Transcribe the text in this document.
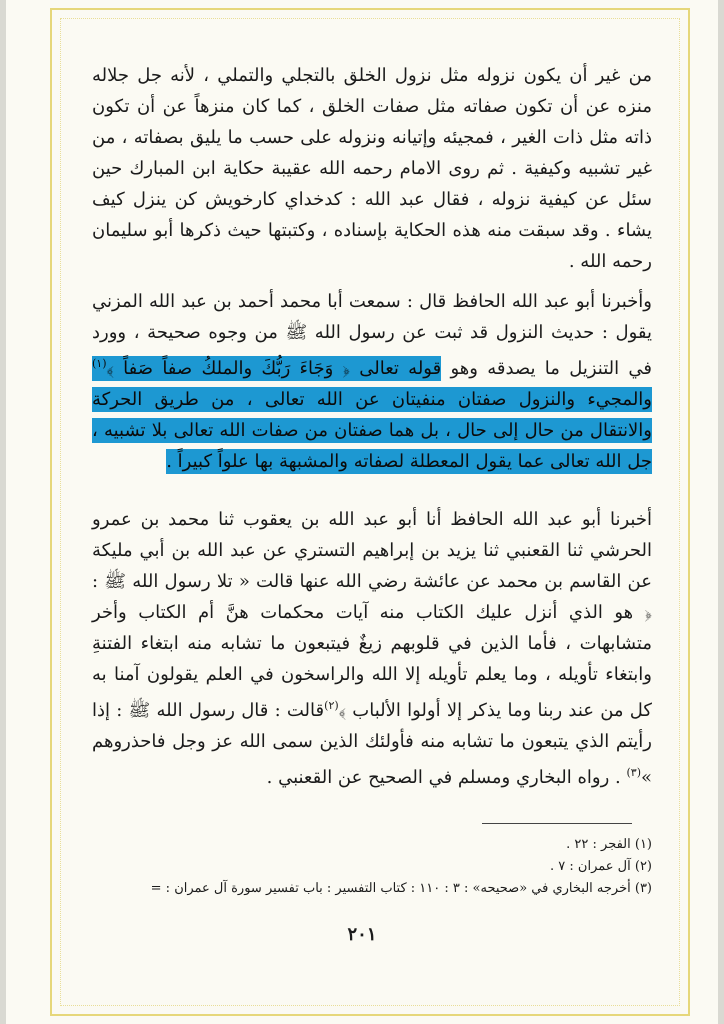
من غير أن يكون نزوله مثل نزول الخلق بالتجلي والتملي ، لأنه جل جلاله منزه عن أن تكون صفاته مثل صفات الخلق ، كما كان منزهاً عن أن تكون ذاته مثل ذات الغير ، فمجيئه وإتيانه ونزوله على حسب ما يليق بصفاته ، من غير تشبيه وكيفية . ثم روى الامام رحمه الله عقيبة حكاية ابن المبارك حين سئل عن كيفية نزوله ، فقال عبد الله : كدخداي كارخويش كن ينزل كيف يشاء . وقد سبقت منه هذه الحكاية بإسناده ، وكتبتها حيث ذكرها أبو سليمان رحمه الله .

وأخبرنا أبو عبد الله الحافظ قال : سمعت أبا محمد أحمد بن عبد الله المزني يقول : حديث النزول قد ثبت عن رسول الله ﷺ من وجوه صحيحة ، وورد في التنزيل ما يصدقه وهو قوله تعالى ﴿ وَجَاءَ رَبُّكَ والملكُ صفاً صَفاً ﴾$^{(١)}$ والمجيء والنزول صفتان منفيتان عن الله تعالى ، من طريق الحركة والانتقال من حال إلى حال ، بل هما صفتان من صفات الله تعالى بلا تشبيه ، جل الله تعالى عما يقول المعطلة لصفاته والمشبهة بها علواً كبيراً .

أخبرنا أبو عبد الله الحافظ أنا أبو عبد الله بن يعقوب ثنا محمد بن عمرو الحرشي ثنا القعنبي ثنا يزيد بن إبراهيم التستري عن عبد الله بن أبي مليكة عن القاسم بن محمد عن عائشة رضي الله عنها قالت « تلا رسول الله ﷺ : ﴿ هو الذي أنزل عليك الكتاب منه آيات محكمات هنَّ أم الكتاب وأخر متشابهات ، فأما الذين في قلوبهم زيغٌ فيتبعون ما تشابه منه ابتغاء الفتنةِ وابتغاء تأويله ، وما يعلم تأويله إلا الله والراسخون في العلم يقولون آمنا به كل من عند ربنا وما يذكر إلا أولوا الألباب ﴾$^{(٢)}$قالت : قال رسول الله ﷺ : إذا رأيتم الذي يتبعون ما تشابه منه فأولئك الذين سمى الله عز وجل فاحذروهم »$^{(٣)}$ . رواه البخاري ومسلم في الصحيح عن القعنبي .

(١) الفجر : ٢٢ .

(٢) آل عمران : ٧ .

(٣) أخرجه البخاري في «صحيحه» : ٣ : ١١٠ : كتاب التفسير : باب تفسير سورة آل عمران : =

٢٠١
